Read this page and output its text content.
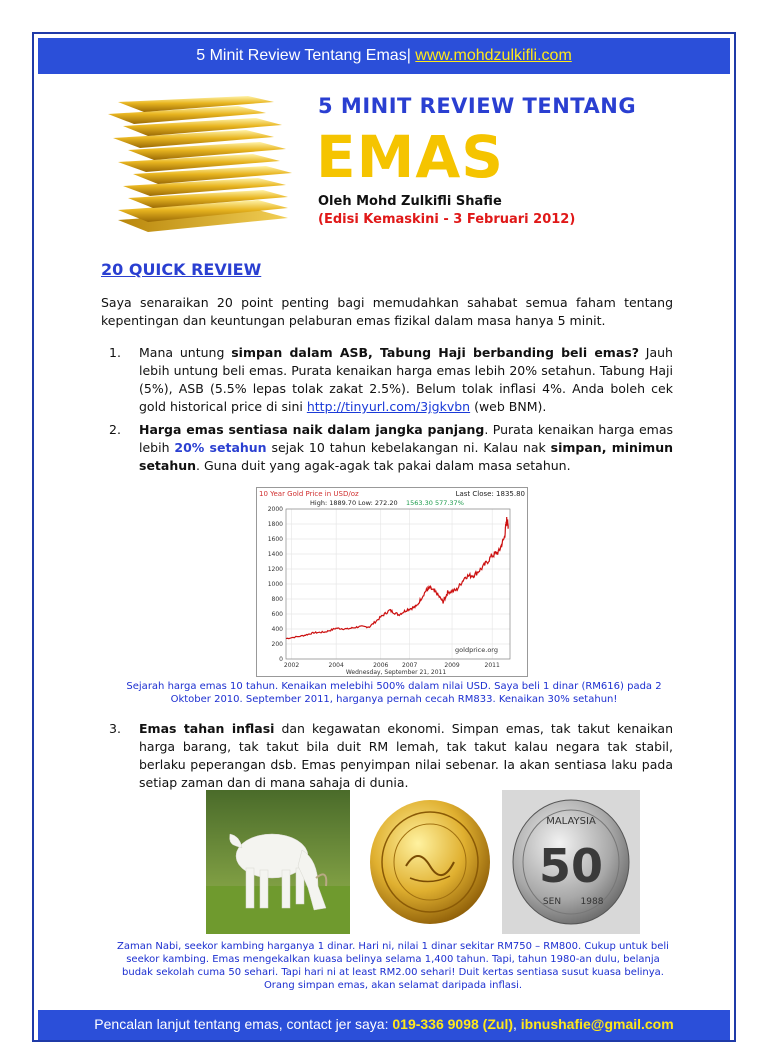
5 Minit Review Tentang Emas| www.mohdzulkifli.com
5 MINIT REVIEW TENTANG
EMAS
Oleh Mohd Zulkifli Shafie
(Edisi Kemaskini - 3 Februari 2012)
20 QUICK REVIEW
Saya senaraikan 20 point penting bagi memudahkan sahabat semua faham tentang kepentingan dan keuntungan pelaburan emas fizikal dalam masa hanya 5 minit.
1. Mana untung simpan dalam ASB, Tabung Haji berbanding beli emas? Jauh lebih untung beli emas. Purata kenaikan harga emas lebih 20% setahun. Tabung Haji (5%), ASB (5.5% lepas tolak zakat 2.5%). Belum tolak inflasi 4%. Anda boleh cek gold historical price di sini http://tinyurl.com/3jgkvbn (web BNM).
2. Harga emas sentiasa naik dalam jangka panjang. Purata kenaikan harga emas lebih 20% setahun sejak 10 tahun kebelakangan ni. Kalau nak simpan, minimun setahun. Guna duit yang agak-agak tak pakai dalam masa setahun.
10 Year Gold Price in USD/oz	Last Close: 1835.80
High: 1889.70 Low: 272.20 1563.30 577.37%
0
200
400
600
800
1000
1200
1400
1600
1800
2000
2002	2004	2006 2007	2009	2011
goldprice.org
Wednesday, September 21, 2011
Sejarah harga emas 10 tahun. Kenaikan melebihi 500% dalam nilai USD. Saya beli 1 dinar (RM616) pada 2 Oktober 2010. September 2011, harganya pernah cecah RM833. Kenaikan 30% setahun!
3. Emas tahan inflasi dan kegawatan ekonomi. Simpan emas, tak takut kenaikan harga barang, tak takut bila duit RM lemah, tak takut kalau negara tak stabil, berlaku peperangan dsb. Emas penyimpan nilai sebenar. Ia akan sentiasa laku pada setiap zaman dan di mana sahaja di dunia.
MALAYSIA
50
SEN 1988
Zaman Nabi, seekor kambing harganya 1 dinar. Hari ni, nilai 1 dinar sekitar RM750 – RM800. Cukup untuk beli seekor kambing. Emas mengekalkan kuasa belinya selama 1,400 tahun. Tapi, tahun 1980-an dulu, belanja budak sekolah cuma 50 sehari. Tapi hari ni at least RM2.00 sehari! Duit kertas sentiasa susut kuasa belinya. Orang simpan emas, akan selamat daripada inflasi.
Pencalan lanjut tentang emas, contact jer saya: 019-336 9098 (Zul), ibnushafie@gmail.com
